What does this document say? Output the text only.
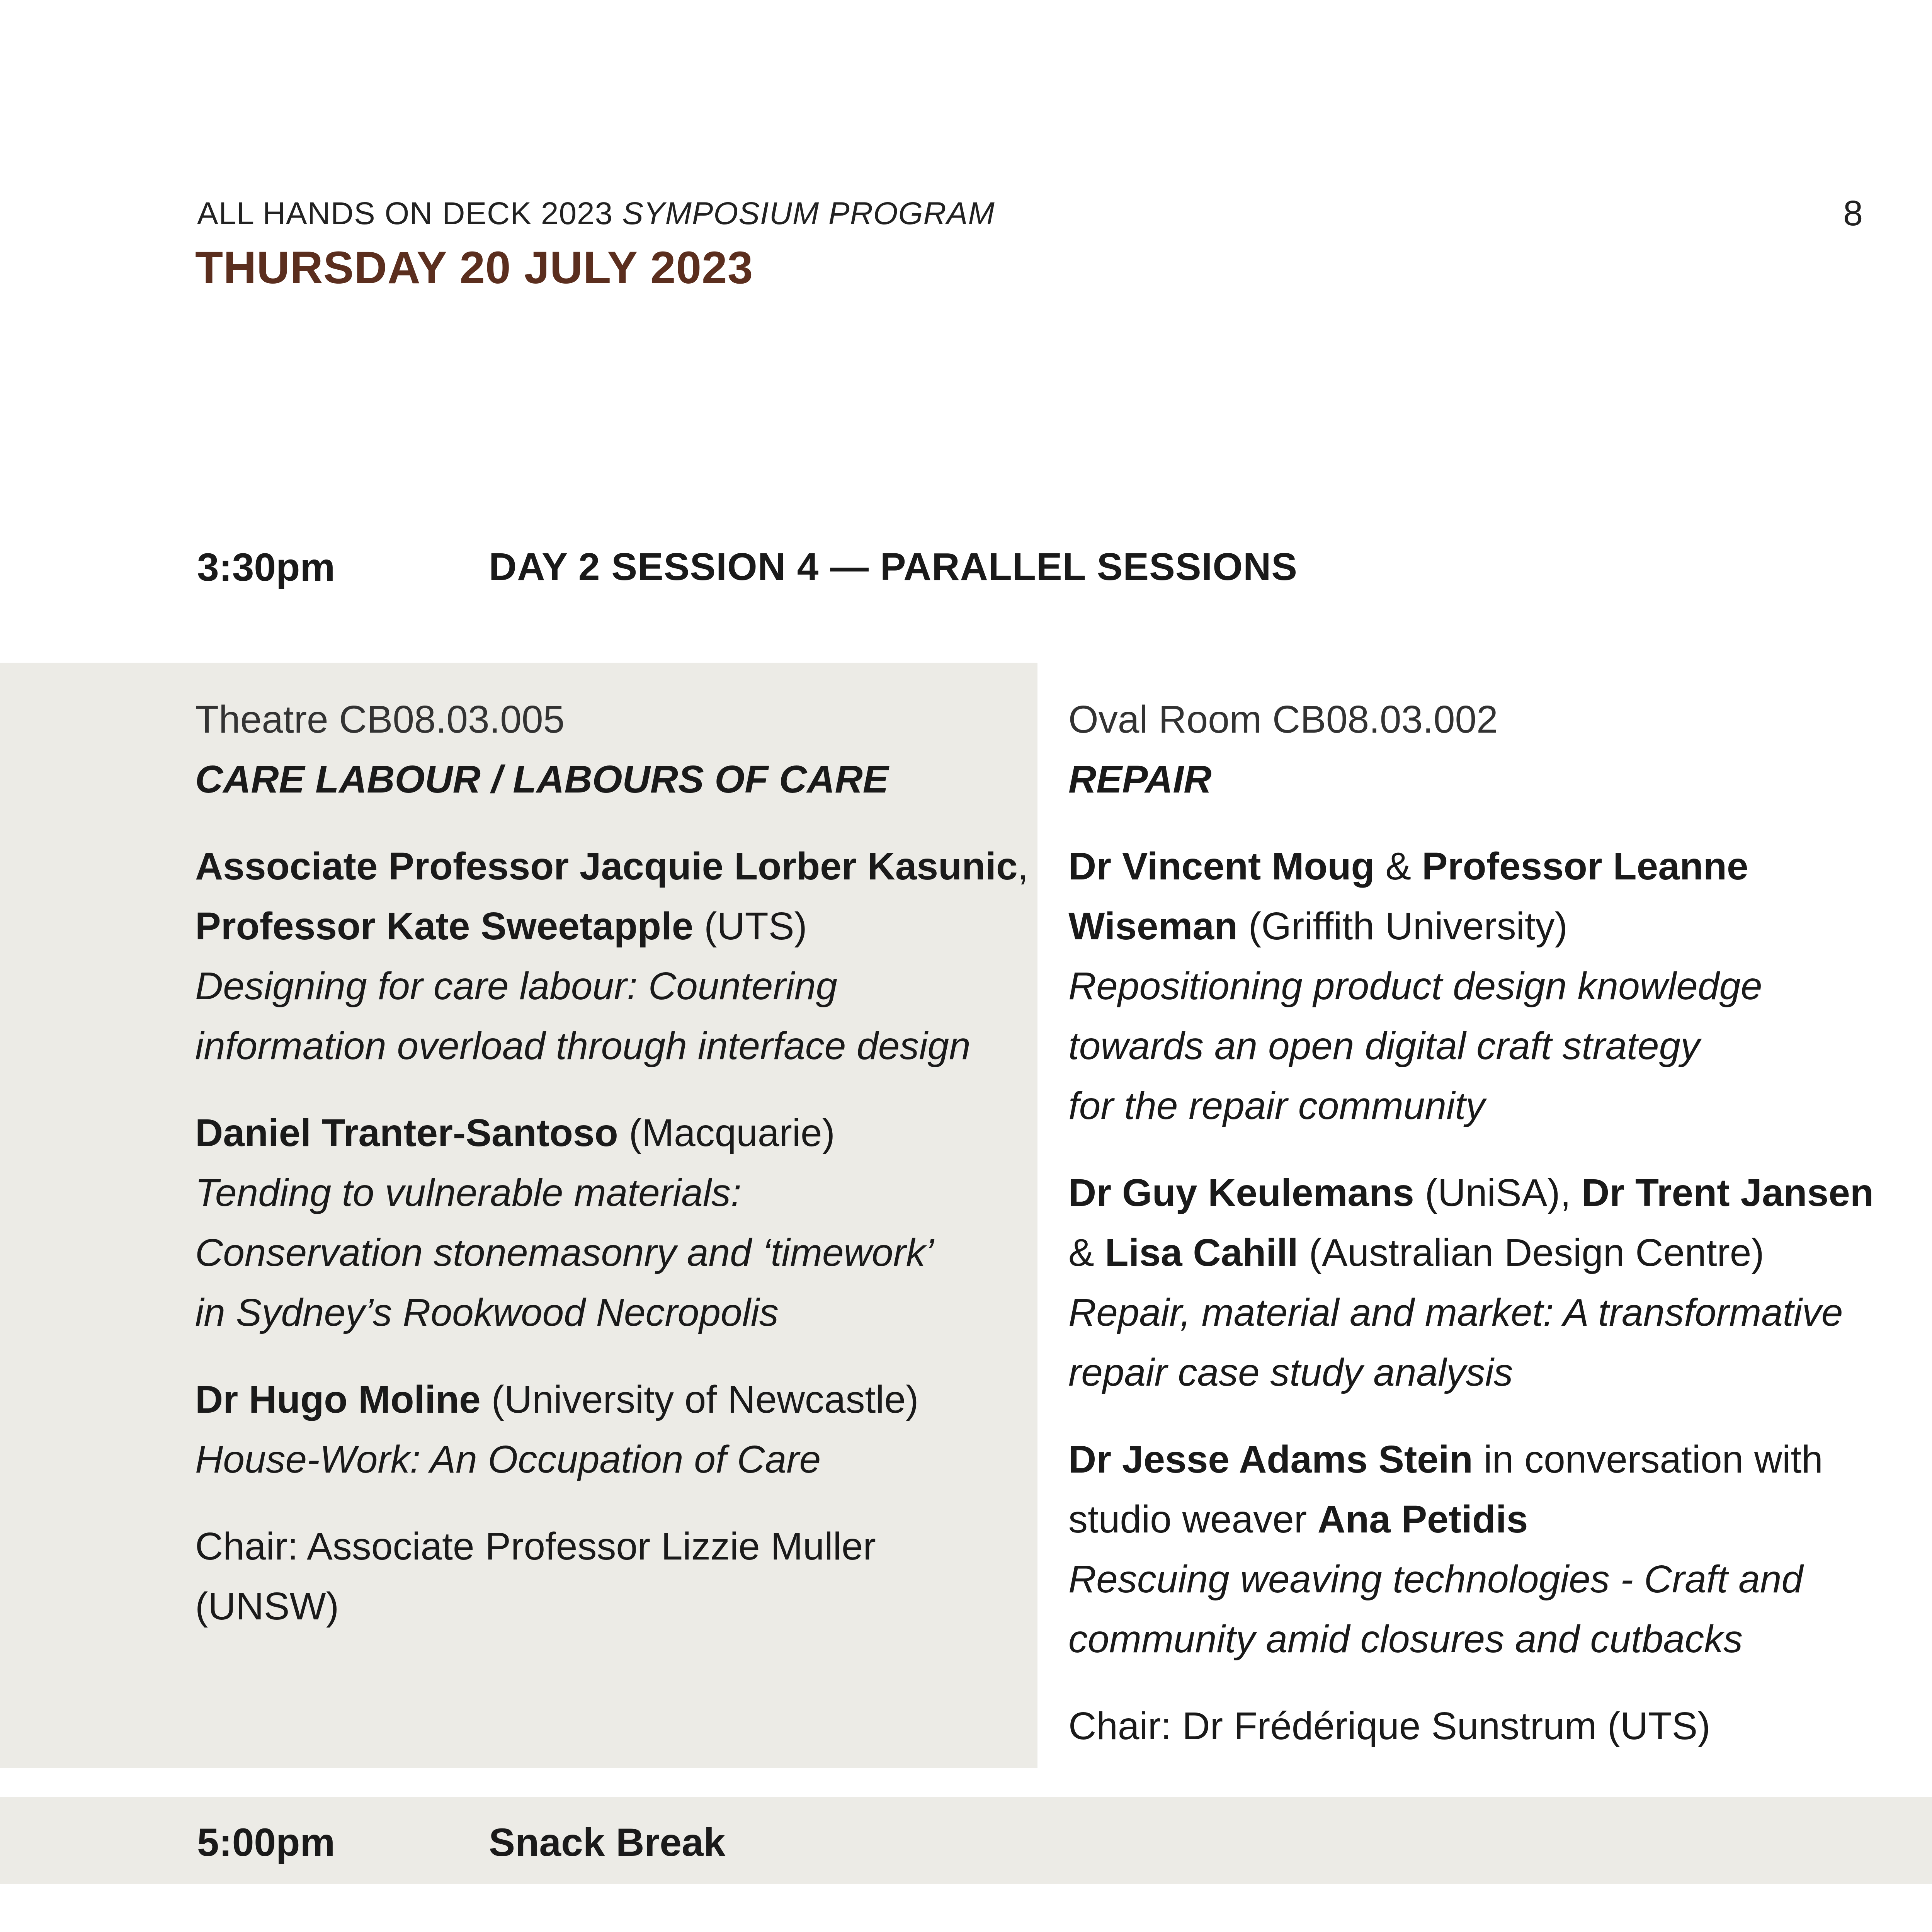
ALL HANDS ON DECK 2023 SYMPOSIUM PROGRAM	8
THURSDAY 20 JULY 2023
3:30pm	DAY 2 SESSION 4 — PARALLEL SESSIONS

Theatre CB08.03.005

CARE LABOUR / LABOURS OF CARE

Associate Professor Jacquie Lorber Kasunic, Professor Kate Sweetapple (UTS)

Designing for care labour: Countering information overload through interface design

Daniel Tranter-Santoso (Macquarie)

Tending to vulnerable materials:

Conservation stonemasonry and ‘timework’

in Sydney’s Rookwood Necropolis

Dr Hugo Moline (University of Newcastle)

House-Work: An Occupation of Care

Chair: Associate Professor Lizzie Muller (UNSW)

Oval Room CB08.03.002

REPAIR

Dr Vincent Moug & Professor Leanne Wiseman (Griffith University)

Repositioning product design knowledge

towards an open digital craft strategy

for the repair community

Dr Guy Keulemans (UniSA), Dr Trent Jansen & Lisa Cahill (Australian Design Centre)

Repair, material and market: A transformative repair case study analysis

Dr Jesse Adams Stein in conversation with studio weaver Ana Petidis

Rescuing weaving technologies - Craft and community amid closures and cutbacks

Chair: Dr Frédérique Sunstrum (UTS)

5:00pm	Snack Break
